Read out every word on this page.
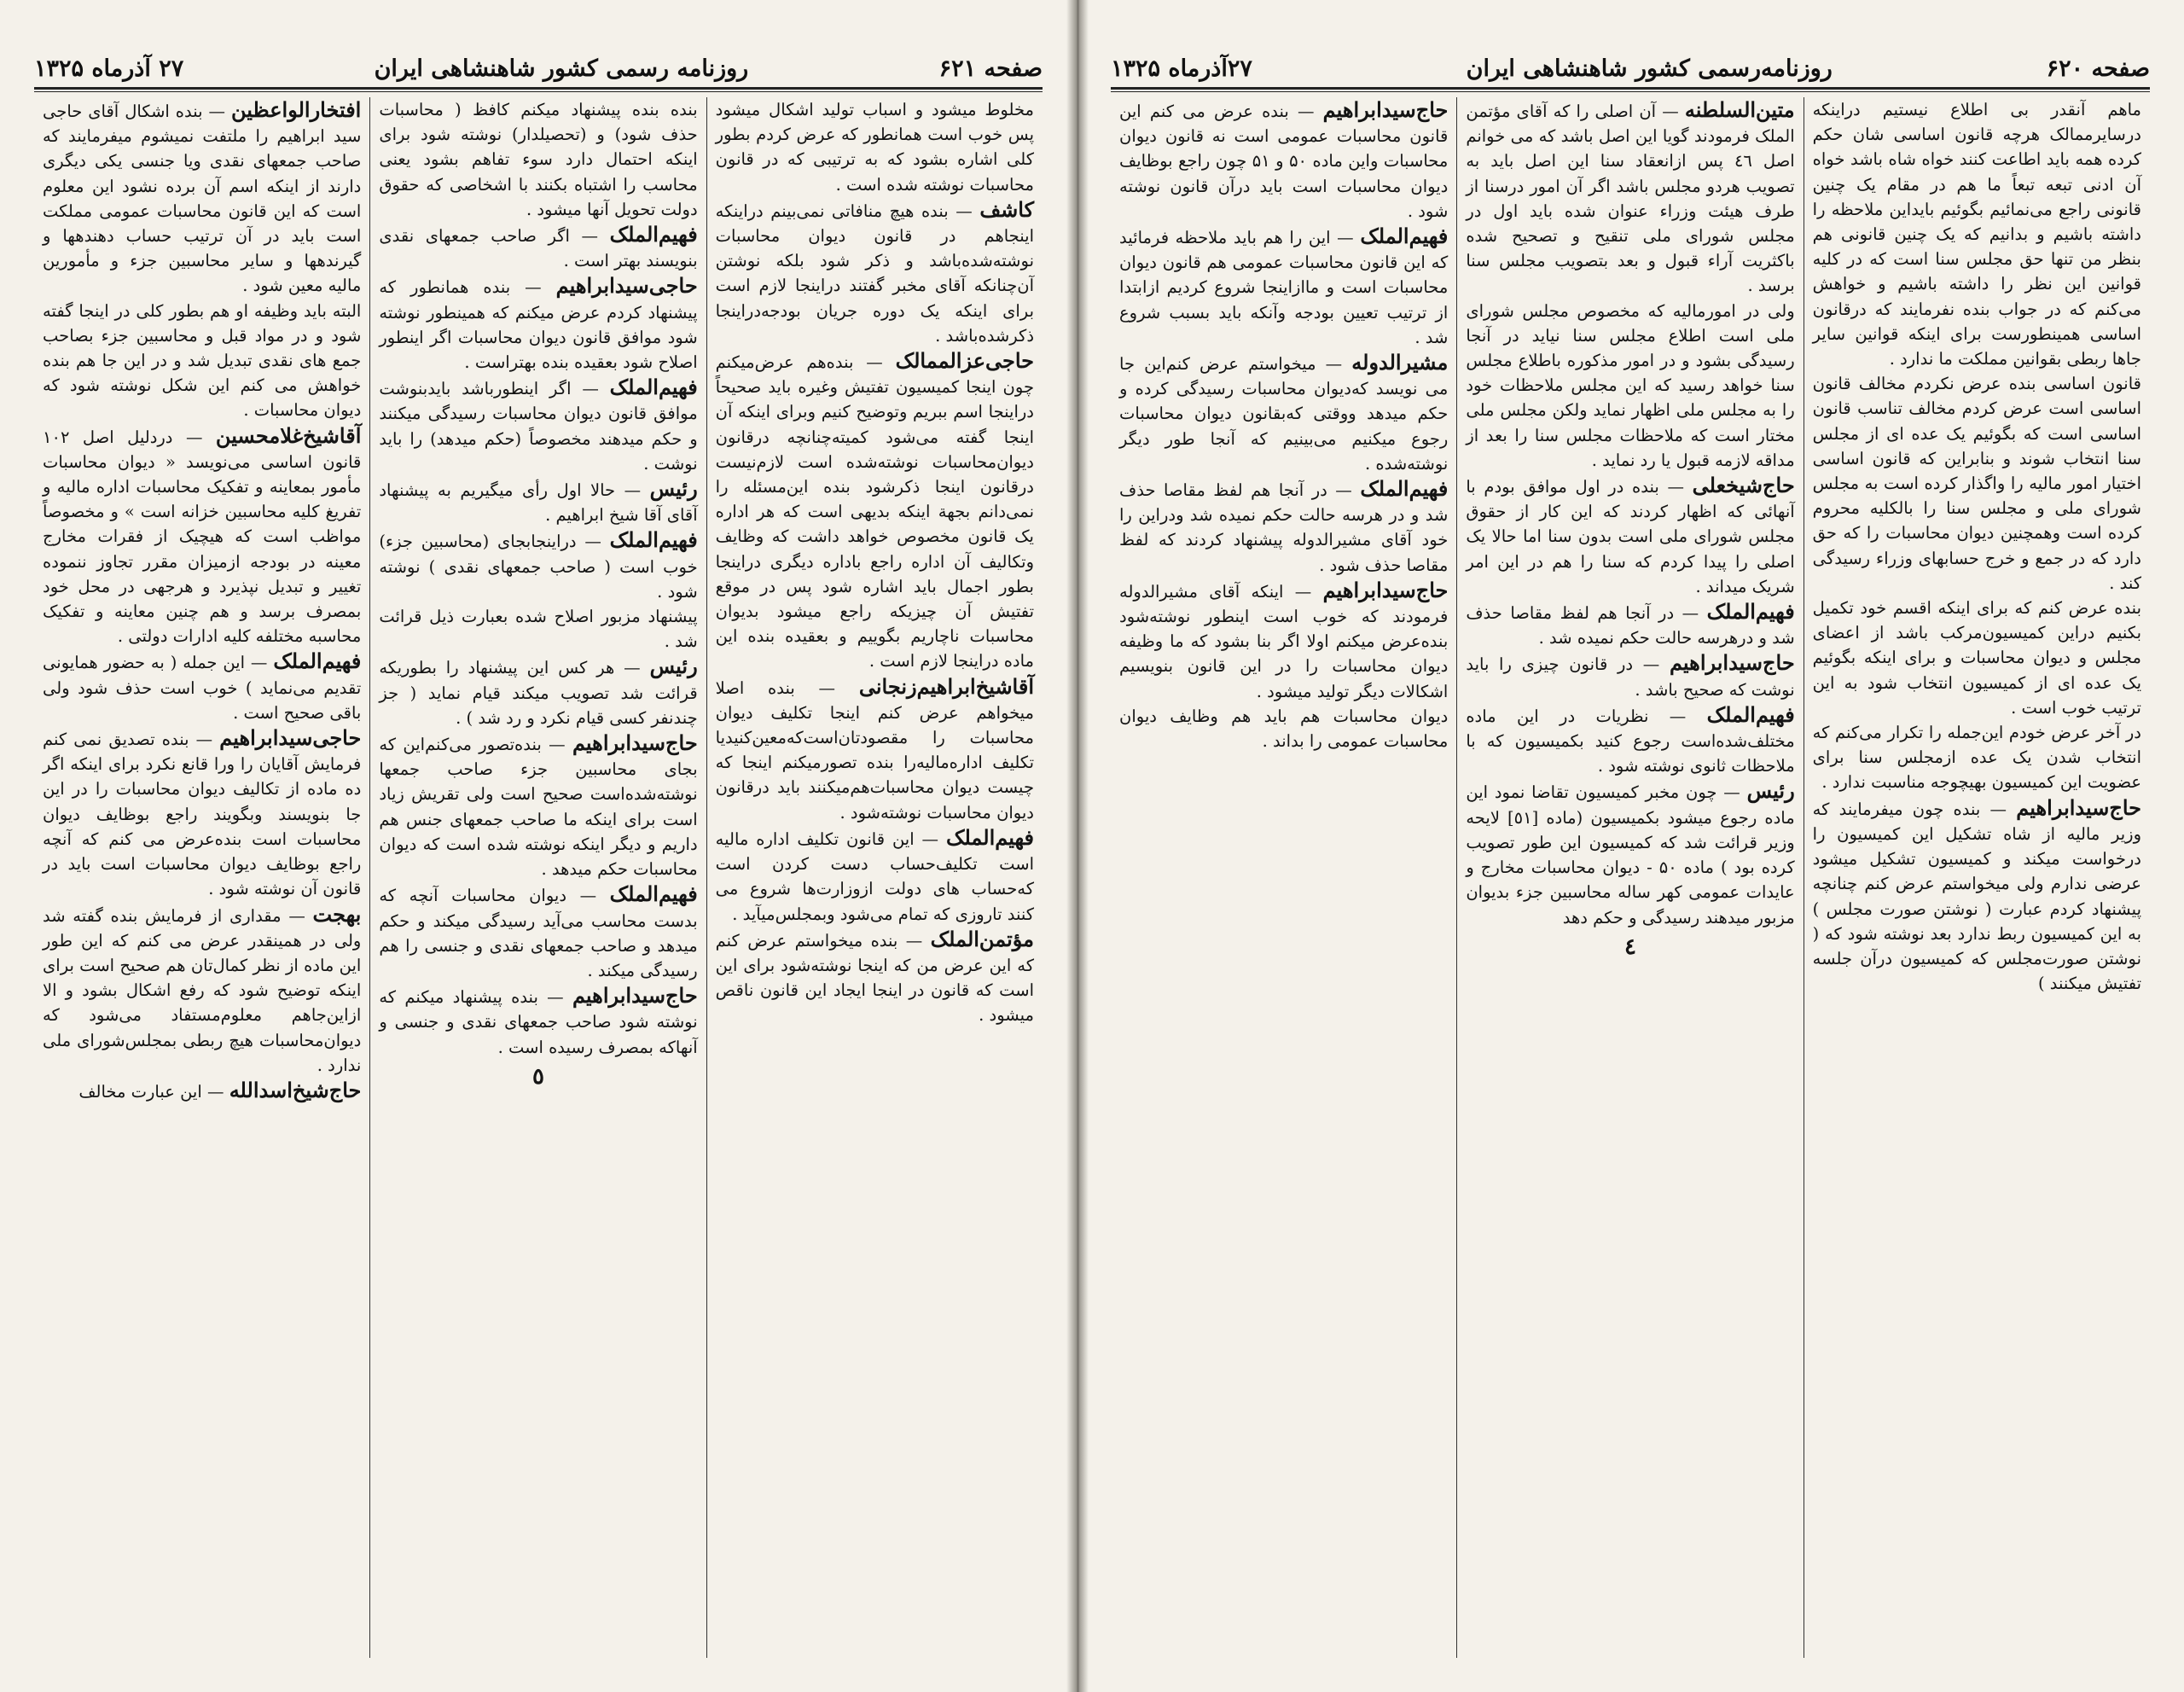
صفحه ۶۲۱
روزنامه رسمی کشور شاهنشاهی ایران
۲۷ آذرماه ۱۳۲۵

مخلوط میشود و اسباب تولید اشکال میشود پس خوب است همانطور که عرض کردم بطور کلی اشاره بشود که به ترتیبی که در قانون محاسبات نوشته شده است .

کاشف — بنده هیچ منافاتی نمی‌بینم دراینکه اینجاهم در قانون دیوان محاسبات نوشته‌شده‌باشد و ذکر شود بلکه نوشتن آن‌چنانکه آقای مخبر گفتند دراینجا لازم است برای اینکه یک دوره جریان بودجه‌دراینجا ذکرشده‌باشد .

حاجی‌عزالممالک — بنده‌هم عرض‌میکنم چون اینجا کمیسیون تفتیش وغیره باید صحیحاً دراینجا اسم ببریم وتوضیح کنیم وبرای اینکه آن اینجا گفته می‌شود کمیته‌چنانچه درقانون دیوان‌محاسبات نوشته‌شده است لازم‌نیست درقانون اینجا ذکرشود بنده این‌مسئله را نمی‌دانم بجهة اینکه بدیهی است که هر اداره یک قانون مخصوص خواهد داشت که وظایف وتکالیف آن اداره راجع باداره دیگری دراینجا بطور اجمال باید اشاره شود پس در موقع تفتیش آن چیزیکه راجع میشود بدیوان محاسبات ناچاریم بگوییم و بعقیده بنده این ماده دراینجا لازم است .

آقاشیخ‌ابراهیم‌زنجانی — بنده اصلا میخواهم عرض کنم اینجا تکلیف دیوان محاسبات را مقصودتان‌است‌که‌معین‌کنیدیا تکلیف اداره‌مالیه‌را بنده تصورمیکنم اینجا که چیست دیوان محاسبات‌هم‌میکنند باید درقانون دیوان محاسبات نوشته‌شود .

فهیم‌الملک — این قانون تکلیف اداره مالیه است تکلیف‌حساب دست کردن است که‌حساب های دولت ازوزارت‌ها شروع می کنند تاروزی که تمام می‌شود وبمجلس‌میآید .

مؤتمن‌الملک — بنده میخواستم عرض کنم که این عرض من که اینجا نوشته‌شود برای این است که قانون در اینجا ایجاد این قانون ناقص میشود .

بنده بنده پیشنهاد میکنم کافظ ( محاسبات حذف شود) و (تحصیلدار) نوشته شود برای اینکه احتمال دارد سوء تفاهم بشود یعنی محاسب را اشتباه بکنند با اشخاصی که حقوق دولت تحویل آنها میشود .

فهیم‌الملک — اگر صاحب جمعهای نقدی بنویسند بهتر است .

حاجی‌سیدابراهیم — بنده همانطور که پیشنهاد کردم عرض میکنم که همینطور نوشته شود موافق قانون دیوان محاسبات اگر اینطور اصلاح شود بعقیده بنده بهتراست .

فهیم‌الملک — اگر اینطورباشد باید‌بنوشت موافق قانون دیوان محاسبات رسیدگی میکنند و حکم میدهند مخصوصاً (حکم میدهد) را باید نوشت .

رئیس — حالا اول رأی میگیریم به پیشنهاد آقای آقا شیخ ابراهیم .

فهیم‌الملک — دراینجابجای (محاسبین جزء) خوب است ( صاحب جمعهای نقدی ) نوشته شود .

پیشنهاد مزبور اصلاح شده بعبارت ذیل قرائت شد .

رئیس — هر کس این پیشنهاد را بطوریکه قرائت شد تصویب میکند قیام نماید ( جز چندنفر کسی قیام نکرد و رد شد ) .

حاج‌سیدابراهیم — بنده‌تصور می‌کنم‌این که بجای محاسبین جزء صاحب جمعها نوشته‌شده‌است صحیح است ولی تقریش زیاد است برای اینکه ما صاحب جمعهای جنس هم داریم و دیگر اینکه نوشته شده است که دیوان محاسبات حکم میدهد .

فهیم‌الملک — دیوان محاسبات آنچه که بدست محاسب می‌آید رسیدگی میکند و حکم میدهد و صاحب جمعهای نقدی و جنسی را هم رسیدگی میکند .

حاج‌سیدابراهیم — بنده پیشنهاد میکنم که نوشته شود صاحب جمعهای نقدی و جنسی و آنهاکه بمصرف رسیده است .

٥

افتخارالواعظین — بنده اشکال آقای حاجی سید ابراهیم را ملتفت نمیشوم میفرمایند که صاحب جمعهای نقدی ویا جنسی یکی دیگری دارند از اینکه اسم آن برده نشود این معلوم است که این قانون محاسبات عمومی مملکت است باید در آن ترتیب حساب دهندهها و گیرندهها و سایر محاسبین جزء و مأمورین مالیه معین شود .

البته باید وظیفه او هم بطور کلی در اینجا گفته شود و در مواد قبل و محاسبین جزء بصاحب جمع های نقدی تبدیل شد و در این جا هم بنده خواهش می کنم این شکل نوشته شود که دیوان محاسبات .

آقاشیخ‌غلامحسین — دردلیل اصل ۱۰۲ قانون اساسی می‌نویسد « دیوان محاسبات مأمور بمعاینه و تفکیک محاسبات اداره مالیه و تفریغ کلیه محاسبین خزانه است » و مخصوصاً مواظب است که هیچیک از فقرات مخارج معینه در بودجه ازمیزان مقرر تجاوز ننموده تغییر و تبدیل نپذیرد و هرجهی در محل خود بمصرف برسد و هم چنین معاینه و تفکیک محاسبه مختلفه کلیه ادارات دولتی .

فهیم‌الملک — این جمله ( به حضور همایونی تقدیم می‌نماید ) خوب است حذف شود ولی باقی صحیح است .

حاجی‌سیدابراهیم — بنده تصدیق نمی کنم فرمایش آقایان را ورا قانع نکرد برای اینکه اگر ده ماده از تکالیف دیوان محاسبات را در این جا بنویسند وبگویند راجع بوظایف دیوان محاسبات است بنده‌عرض می کنم که آنچه راجع بوظایف دیوان محاسبات است باید در قانون آن نوشته شود .

بهجت — مقداری از فرمایش بنده گفته شد ولی در همینقدر عرض می کنم که این طور این ماده از نظر کمال‌تان هم صحیح است برای اینکه توضیح شود که رفع اشکال بشود و الا ازاین‌جاهم معلوم‌مستفاد می‌شود که دیوان‌محاسبات هیچ ربطی بمجلس‌شورای ملی ندارد .

حاج‌شیخ‌اسدالله — این عبارت مخالف

صفحه ۶۲۰
روزنامه‌رسمی کشور شاهنشاهی ایران
۲۷آذرماه ۱۳۲۵

ماهم آنقدر بی اطلاع نیستیم دراینکه درسایرممالک هرچه قانون اساسی شان حکم کرده همه باید اطاعت کنند خواه شاه باشد خواه آن ادنی تبعه تبعاً ما هم در مقام یک چنین قانونی راجع می‌نمائیم بگوئیم بایداین ملاحظه را داشته باشیم و بدانیم که یک چنین قانونی هم بنظر من تنها حق مجلس سنا است که در کلیه قوانین این نظر را داشته باشیم و خواهش می‌کنم که در جواب بنده نفرمایند که درقانون اساسی همینطورست برای اینکه قوانین سایر جاها ربطی بقوانین مملکت ما ندارد .

قانون اساسی بنده عرض نکردم مخالف قانون اساسی است عرض کردم مخالف تناسب قانون اساسی است که بگوئیم یک عده ای از مجلس سنا انتخاب شوند و بنابراین که قانون اساسی اختیار امور مالیه را واگذار کرده است به مجلس شورای ملی و مجلس سنا را بالکلیه محروم کرده است وهمچنین دیوان محاسبات را که حق دارد که در جمع و خرج حسابهای وزراء رسیدگی کند .

بنده عرض کنم که برای اینکه اقسم خود تکمیل بکنیم دراین کمیسیون‌مرکب باشد از اعضای مجلس و دیوان محاسبات و برای اینکه بگوئیم یک عده ای از کمیسیون انتخاب شود به این ترتیب خوب است .

در آخر عرض خودم این‌جمله را تکرار می‌کنم که انتخاب شدن یک عده ازمجلس سنا برای عضویت این کمیسیون بهیچوجه مناسبت ندارد .

حاج‌سیدابراهیم — بنده چون میفرمایند که وزیر مالیه از شاه تشکیل این کمیسیون را درخواست میکند و کمیسیون تشکیل میشود عرضی ندارم ولی میخواستم عرض کنم چنانچه پیشنهاد کردم عبارت ( نوشتن صورت مجلس ) به این کمیسیون ربط ندارد بعد نوشته شود که ( نوشتن صورت‌مجلس که کمیسیون درآن جلسه تفتیش میکنند )

متین‌السلطنه — آن اصلی را که آقای مؤتمن الملک فرمودند گویا این اصل باشد که می خوانم اصل ٤٦ پس ازانعقاد سنا این اصل باید به تصویب هردو مجلس باشد اگر آن امور درسنا از طرف هیئت وزراء عنوان شده باید اول در مجلس شورای ملی تنقیح و تصحیح شده باکثریت آراء قبول و بعد بتصویب مجلس سنا برسد .

ولی در امورماليه که مخصوص مجلس شورای ملی است اطلاع مجلس سنا نیاید در آنجا رسیدگی بشود و در امور مذکوره باطلاع مجلس سنا خواهد رسید که این مجلس ملاحظات خود را به مجلس ملی اظهار نماید ولکن مجلس ملی مختار است که ملاحظات مجلس سنا را بعد از مداقه لازمه قبول یا رد نماید .

حاج‌شیخعلی — بنده در اول موافق بودم با آنهائی که اظهار کردند که این کار از حقوق مجلس شورای ملی است بدون سنا اما حالا یک اصلی را پیدا کردم که سنا را هم در این امر شریک میداند .

فهیم‌الملک — در آنجا هم لفظ مقاصا حذف شد و درهرسه حالت حکم نمیده شد .

حاج‌سیدابراهیم — در قانون چیزی را باید نوشت که صحیح باشد .

فهیم‌الملک — نظریات در این ماده مختلف‌شده‌است رجوع کنید بکمیسیون که با ملاحظات ثانوی نوشته شود .

رئیس — چون مخبر کمیسیون تقاضا نمود این ماده رجوع میشود بکمیسیون (ماده [٥١] لایحه وزیر قرائت شد که کمیسیون این طور تصویب کرده بود ) ماده ۵۰ - دیوان محاسبات مخارج و عایدات عمومی کهر ساله محاسبین جزء بدیوان مزبور میدهند رسیدگی و حکم دهد

٤

حاج‌سید‌ابراهیم — بنده عرض می کنم این قانون محاسبات عمومی است نه قانون دیوان محاسبات واین ماده ۵۰ و ۵۱ چون راجع بوظایف دیوان محاسبات است باید درآن قانون نوشته شود .

فهیم‌الملک — این را هم باید ملاحظه فرمائید که این قانون محاسبات عمومی هم قانون دیوان محاسبات است و ماازاینجا شروع کردیم ازابتدا از ترتیب تعیین بودجه وآنکه باید بسبب شروع شد .

مشیرالدوله — میخواستم عرض کنم‌این جا می نویسد که‌دیوان محاسبات رسیدگی کرده و حکم میدهد ووقتی که‌بقانون دیوان محاسبات رجوع میکنیم می‌بینیم که آنجا طور دیگر نوشته‌شده .

فهیم‌الملک — در آنجا هم لفظ مقاصا حذف شد و در هرسه حالت حکم نمیده شد ودراین را خود آقای مشیرالدوله پیشنهاد کردند که لفظ مقاصا حذف شود .

حاج‌سید‌ابراهیم — اینکه آقای مشیرالدوله فرمودند که خوب است اینطور نوشته‌شود بنده‌عرض میکنم اولا اگر بنا بشود که ما وظیفه دیوان محاسبات را در این قانون بنویسیم اشکالات دیگر تولید میشود .

دیوان محاسبات هم باید هم وظایف دیوان محاسبات عمومی را بداند .
